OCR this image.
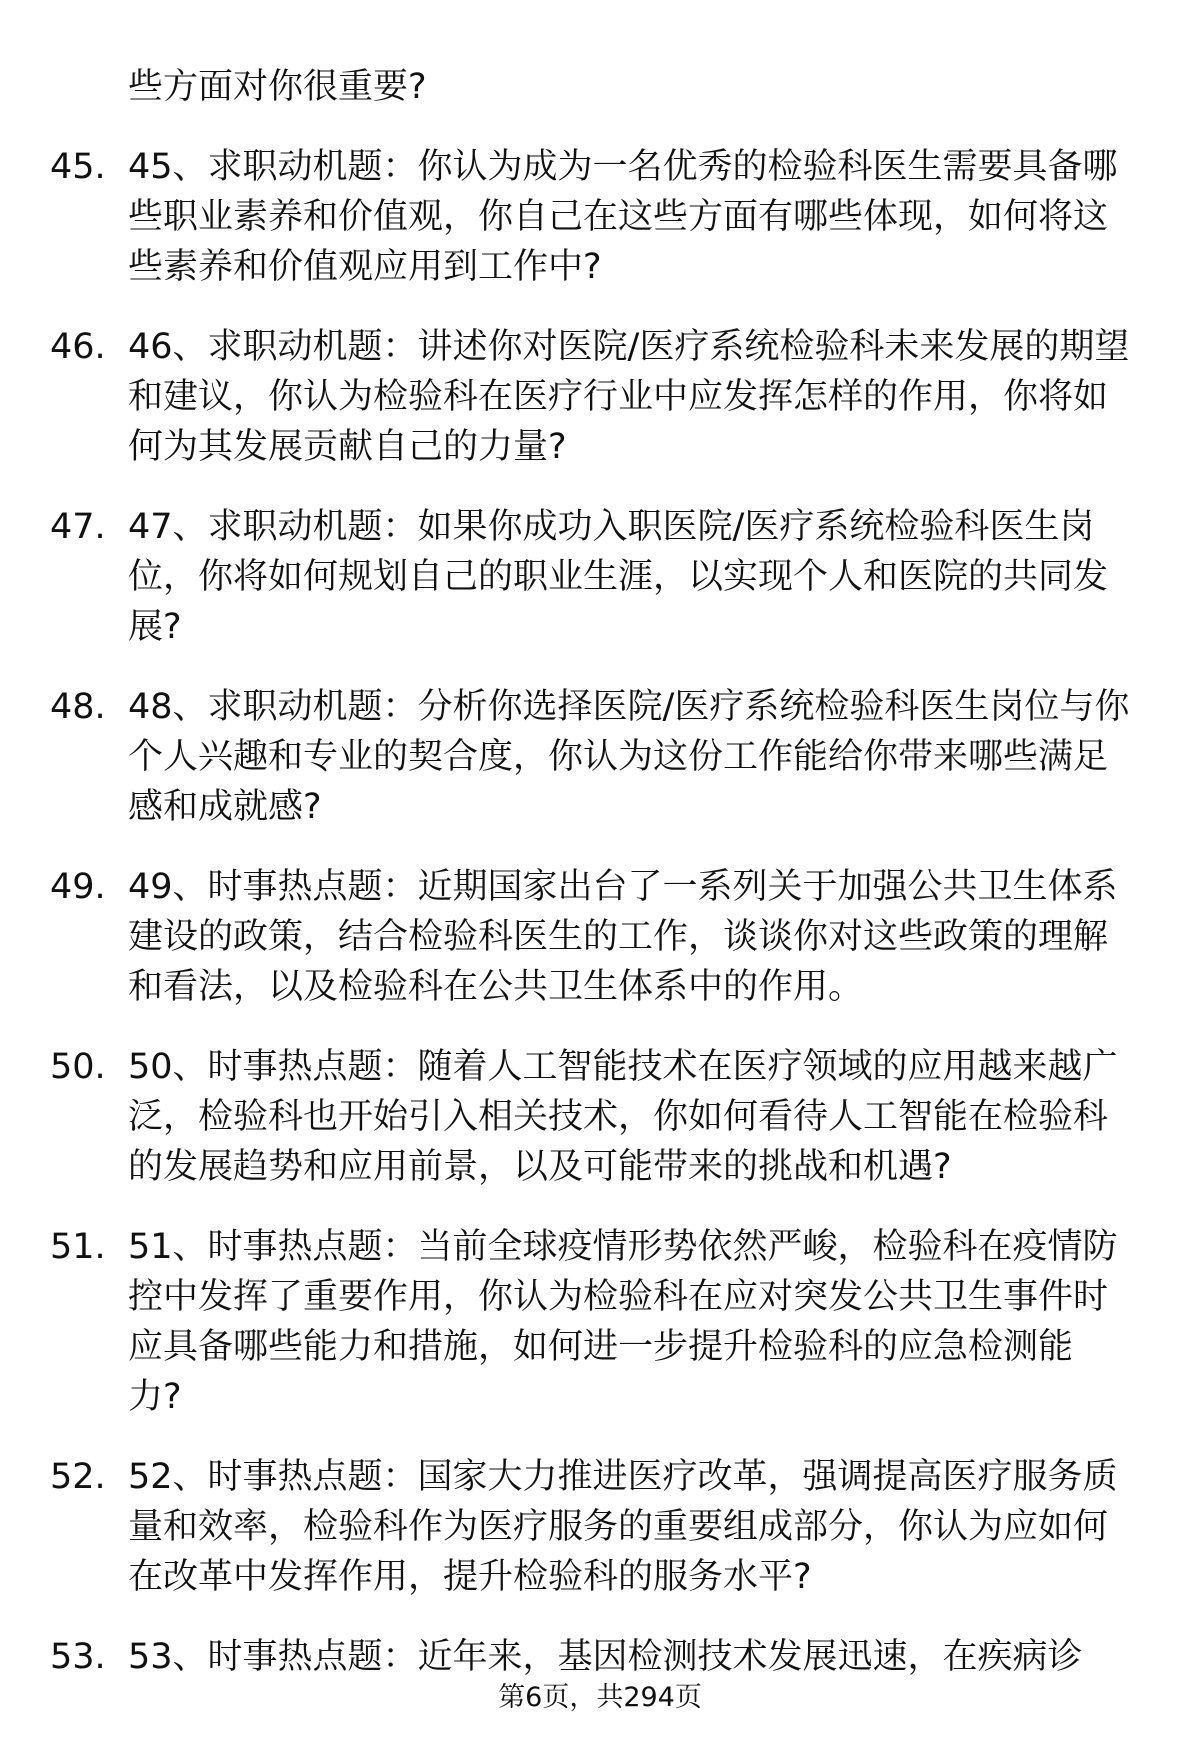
些方面对你很重要?
45. 45、求职动机题：你认为成为一名优秀的检验科医生需要具备哪
些职业素养和价值观，你自己在这些方面有哪些体现，如何将这
些素养和价值观应用到工作中?
46. 46、求职动机题：讲述你对医院/医疗系统检验科未来发展的期望
和建议，你认为检验科在医疗行业中应发挥怎样的作用，你将如
何为其发展贡献自己的力量?
47. 47、求职动机题：如果你成功入职医院/医疗系统检验科医生岗
位，你将如何规划自己的职业生涯，以实现个人和医院的共同发
展?
48. 48、求职动机题：分析你选择医院/医疗系统检验科医生岗位与你
个人兴趣和专业的契合度，你认为这份工作能给你带来哪些满足
感和成就感?
49. 49、时事热点题：近期国家出台了一系列关于加强公共卫生体系
建设的政策，结合检验科医生的工作，谈谈你对这些政策的理解
和看法，以及检验科在公共卫生体系中的作用。
50. 50、时事热点题：随着人工智能技术在医疗领域的应用越来越广
泛，检验科也开始引入相关技术，你如何看待人工智能在检验科
的发展趋势和应用前景，以及可能带来的挑战和机遇?
51. 51、时事热点题：当前全球疫情形势依然严峻，检验科在疫情防
控中发挥了重要作用，你认为检验科在应对突发公共卫生事件时
应具备哪些能力和措施，如何进一步提升检验科的应急检测能
力?
52. 52、时事热点题：国家大力推进医疗改革，强调提高医疗服务质
量和效率，检验科作为医疗服务的重要组成部分，你认为应如何
在改革中发挥作用，提升检验科的服务水平?
53. 53、时事热点题：近年来，基因检测技术发展迅速，在疾病诊
第6页，共294页
